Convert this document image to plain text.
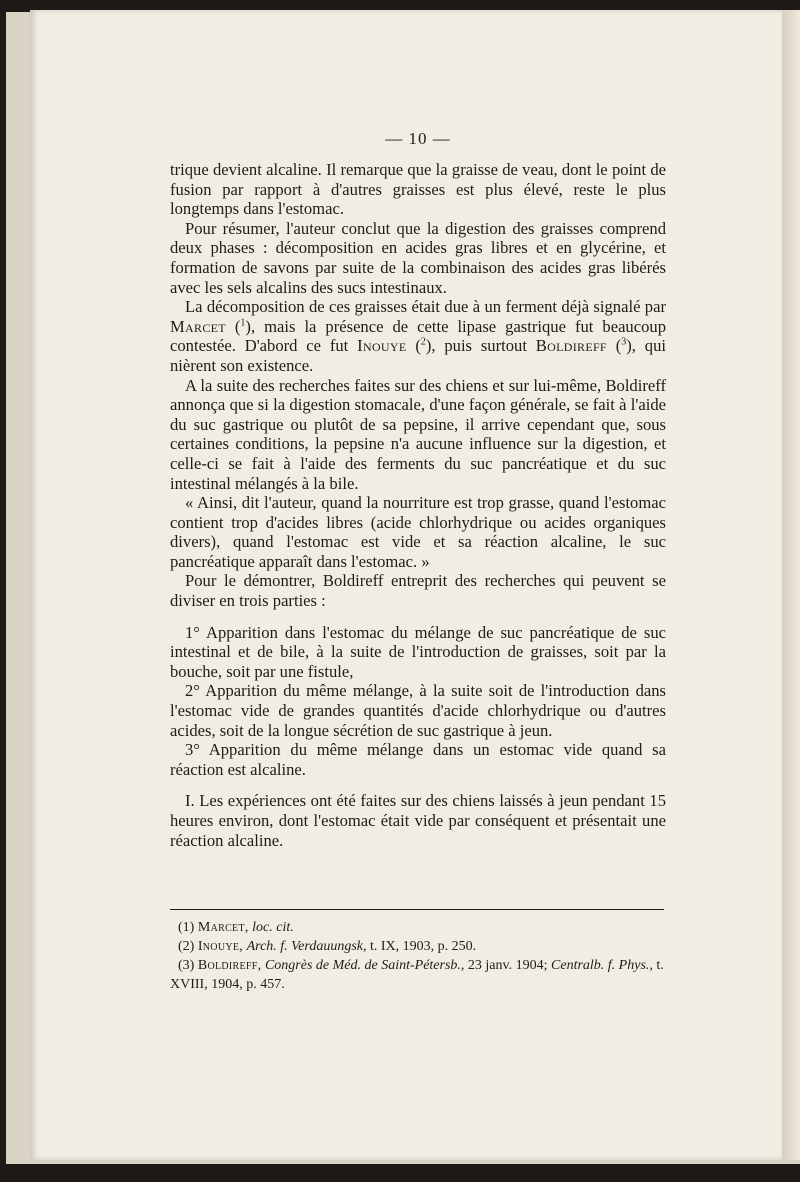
— 10 —

trique devient alcaline. Il remarque que la graisse de veau, dont le point de fusion par rapport à d'autres graisses est plus élevé, reste le plus longtemps dans l'estomac.

Pour résumer, l'auteur conclut que la digestion des graisses comprend deux phases : décomposition en acides gras libres et en glycérine, et formation de savons par suite de la combinaison des acides gras libérés avec les sels alcalins des sucs intestinaux.

La décomposition de ces graisses était due à un ferment déjà signalé par Marcet ($^1$), mais la présence de cette lipase gastrique fut beaucoup contestée. D'abord ce fut Inouye ($^2$), puis surtout Boldireff ($^3$), qui nièrent son existence.

A la suite des recherches faites sur des chiens et sur lui-même, Boldireff annonça que si la digestion stomacale, d'une façon générale, se fait à l'aide du suc gastrique ou plutôt de sa pepsine, il arrive cependant que, sous certaines conditions, la pepsine n'a aucune influence sur la digestion, et celle-ci se fait à l'aide des ferments du suc pancréatique et du suc intestinal mélangés à la bile.

« Ainsi, dit l'auteur, quand la nourriture est trop grasse, quand l'estomac contient trop d'acides libres (acide chlorhydrique ou acides organiques divers), quand l'estomac est vide et sa réaction alcaline, le suc pancréatique apparaît dans l'estomac. »

Pour le démontrer, Boldireff entreprit des recherches qui peuvent se diviser en trois parties :

1° Apparition dans l'estomac du mélange de suc pancréatique de suc intestinal et de bile, à la suite de l'introduction de graisses, soit par la bouche, soit par une fistule,

2° Apparition du même mélange, à la suite soit de l'introduction dans l'estomac vide de grandes quantités d'acide chlorhydrique ou d'autres acides, soit de la longue sécrétion de suc gastrique à jeun.

3° Apparition du même mélange dans un estomac vide quand sa réaction est alcaline.

I. Les expériences ont été faites sur des chiens laissés à jeun pendant 15 heures environ, dont l'estomac était vide par conséquent et présentait une réaction alcaline.

(1) Marcet, loc. cit.

(2) Inouye, Arch. f. Verdauungsk, t. IX, 1903, p. 250.

(3) Boldireff, Congrès de Méd. de Saint-Pétersb., 23 janv. 1904; Centralb. f. Phys., t. XVIII, 1904, p. 457.
